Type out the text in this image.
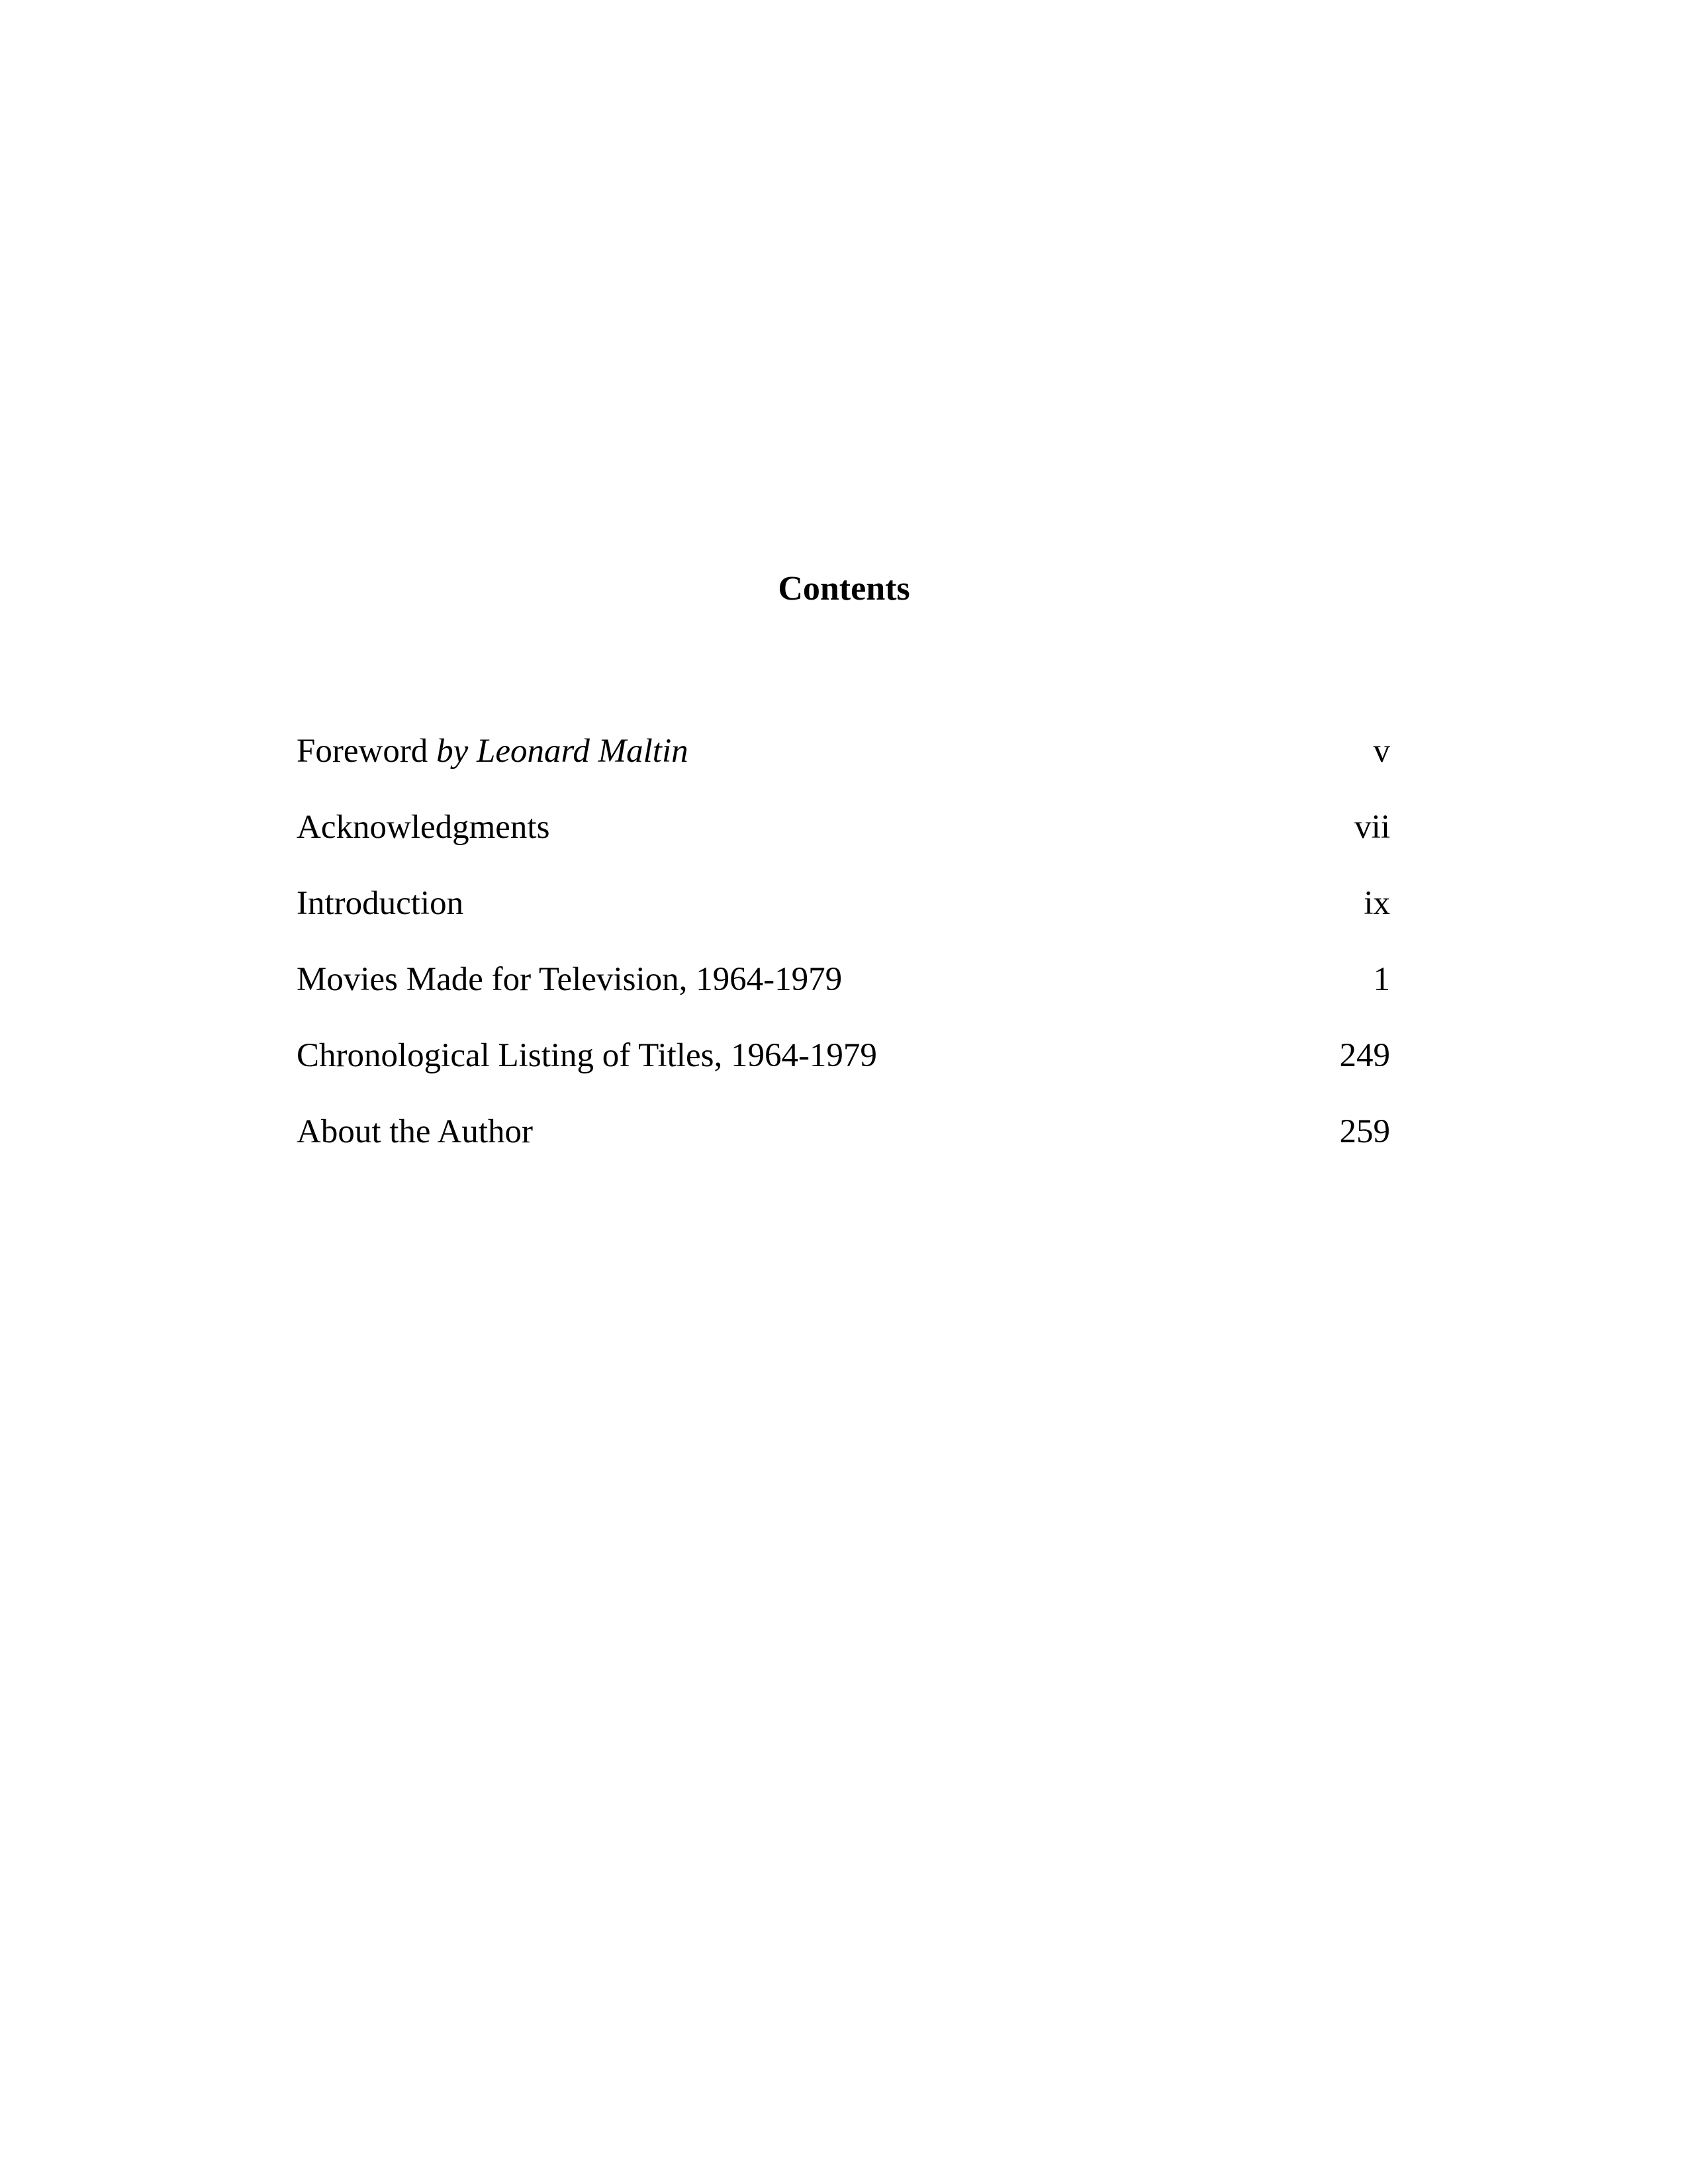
Contents
Foreword by Leonard Maltin	v
Acknowledgments	vii
Introduction	ix
Movies Made for Television, 1964-1979	1
Chronological Listing of Titles, 1964-1979	249
About the Author	259
